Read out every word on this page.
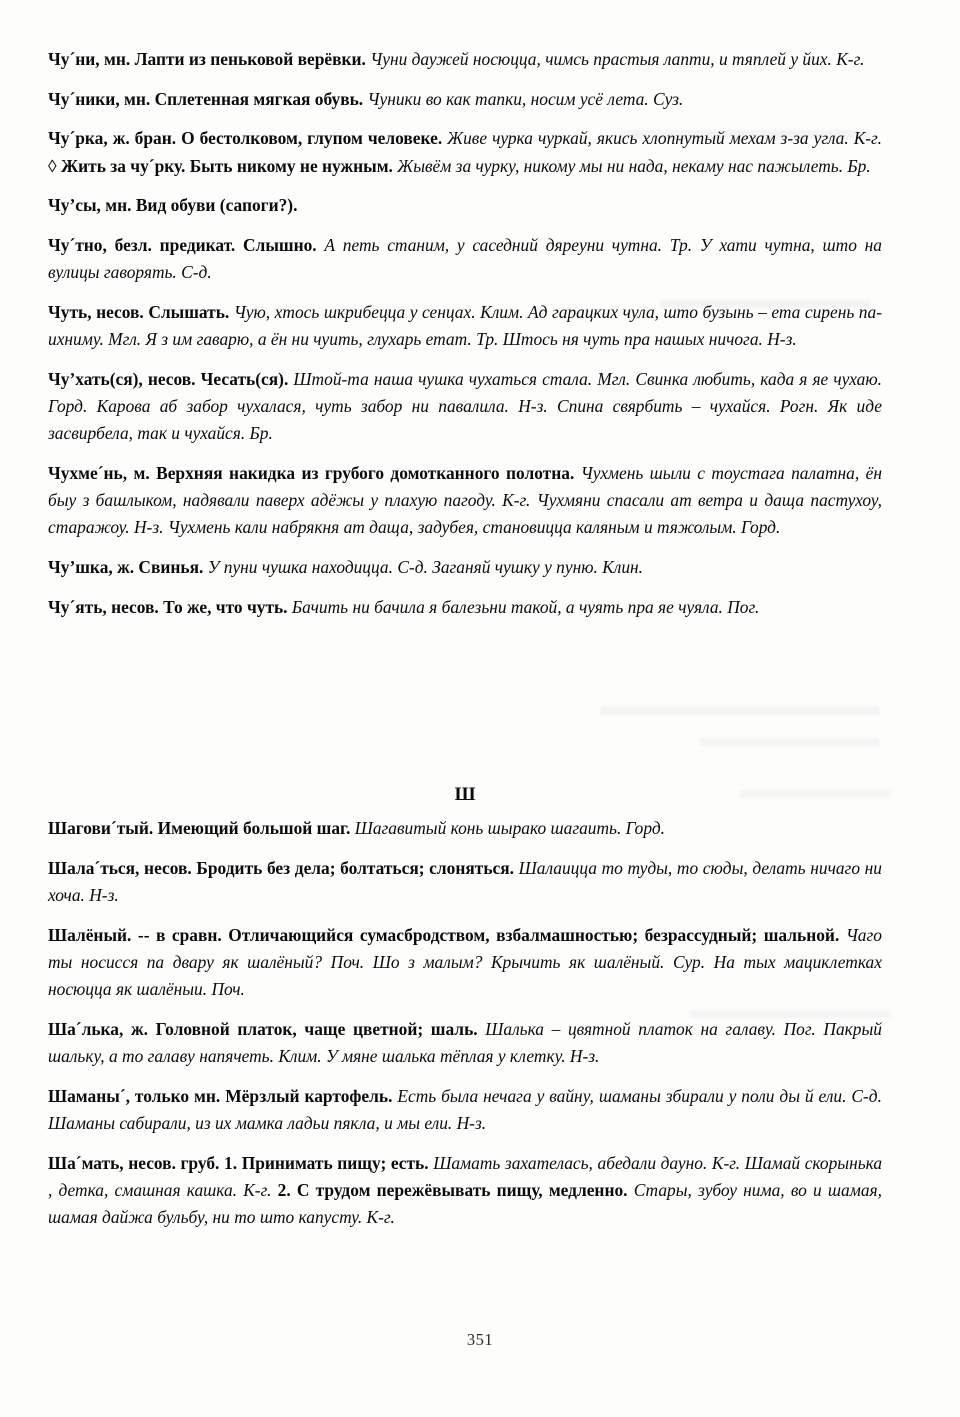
Чу´ни, мн. Лапти из пеньковой верёвки. Чуни даужей носюцца, чимсь прастыя лапти, и тяплей у йих. К-г.

Чу´ники, мн. Сплетенная мягкая обувь. Чуники во как тапки, носим усё лета. Суз.

Чу´рка, ж. бран. О бестолковом, глупом человеке. Живе чурка чуркай, якись хлопнутый мехам з-за угла. К-г. ◊ Жить за чу´рку. Быть никому не нужным. Жывём за чурку, никому мы ни нада, некаму нас пажылеть. Бр.

Чу’сы, мн. Вид обуви (сапоги?).

Чу´тно, безл. предикат. Слышно. А петь станим, у саседний дяреуни чутна. Тр. У хати чутна, што на вулицы гаворять. С-д.

Чуть, несов. Слышать. Чую, хтось шкрибецца у сенцах. Клим. Ад гарацких чула, што бузынь – ета сирень па-ихниму. Мгл. Я з им гаварю, а ён ни чуить, глухарь етат. Тр. Штось ня чуть пра нашых ничога. Н-з.

Чу’хать(ся), несов. Чесать(ся). Штой-та наша чушка чухаться стала. Мгл. Свинка любить, када я яе чухаю. Горд. Карова аб забор чухалася, чуть забор ни павалила. Н-з. Спина свярбить – чухайся. Рогн. Як иде засвирбела, так и чухайся. Бр.

Чухме´нь, м. Верхняя накидка из грубого домотканного полотна. Чухмень шыли с тоустага палатна, ён быу з башлыком, надявали паверх адёжы у плахую пагоду. К-г. Чухмяни спасали ат ветра и даща пастухоу, старажоу. Н-з. Чухмень кали набрякня ат даща, задубея, становицца каляным и тяжолым. Горд.

Чу’шка, ж. Свинья. У пуни чушка находицца. С-д. Заганяй чушку у пуню. Клин.

Чу´ять, несов. То же, что чуть. Бачить ни бачила я балезьни такой, а чуять пра яе чуяла. Пог.

Ш

Шагови´тый. Имеющий большой шаг. Шагавитый конь шырако шагаить. Горд.

Шала´ться, несов. Бродить без дела; болтаться; слоняться. Шалаицца то туды, то сюды, делать ничаго ни хоча. Н-з.

Шалёный. -- в сравн. Отличающийся сумасбродством, взбалмашностью; безрассудный; шальной. Чаго ты носисся па двару як шалёный? Поч. Шо з малым? Крычить як шалёный. Сур. На тых мациклетках носюцца як шалёныи. Поч.

Ша´лька, ж. Головной платок, чаще цветной; шаль. Шалька – цвятной платок на галаву. Пог. Пакрый шальку, а то галаву напячеть. Клим. У мяне шалька тёплая у клетку. Н-з.

Шаманы´, только мн. Мёрзлый картофель. Есть была нечага у вайну, шаманы збирали у поли ды й ели. С-д. Шаманы сабирали, из их мамка ладьи пякла, и мы ели. Н-з.

Ша´мать, несов. груб. 1. Принимать пищу; есть. Шамать захателась, абедали дауно. К-г. Шамай скорынька , детка, смашная кашка. К-г. 2. С трудом пережёвывать пищу, медленно. Стары, зубоу нима, во и шамая, шамая дайжа бульбу, ни то што капусту. К-г.

351
